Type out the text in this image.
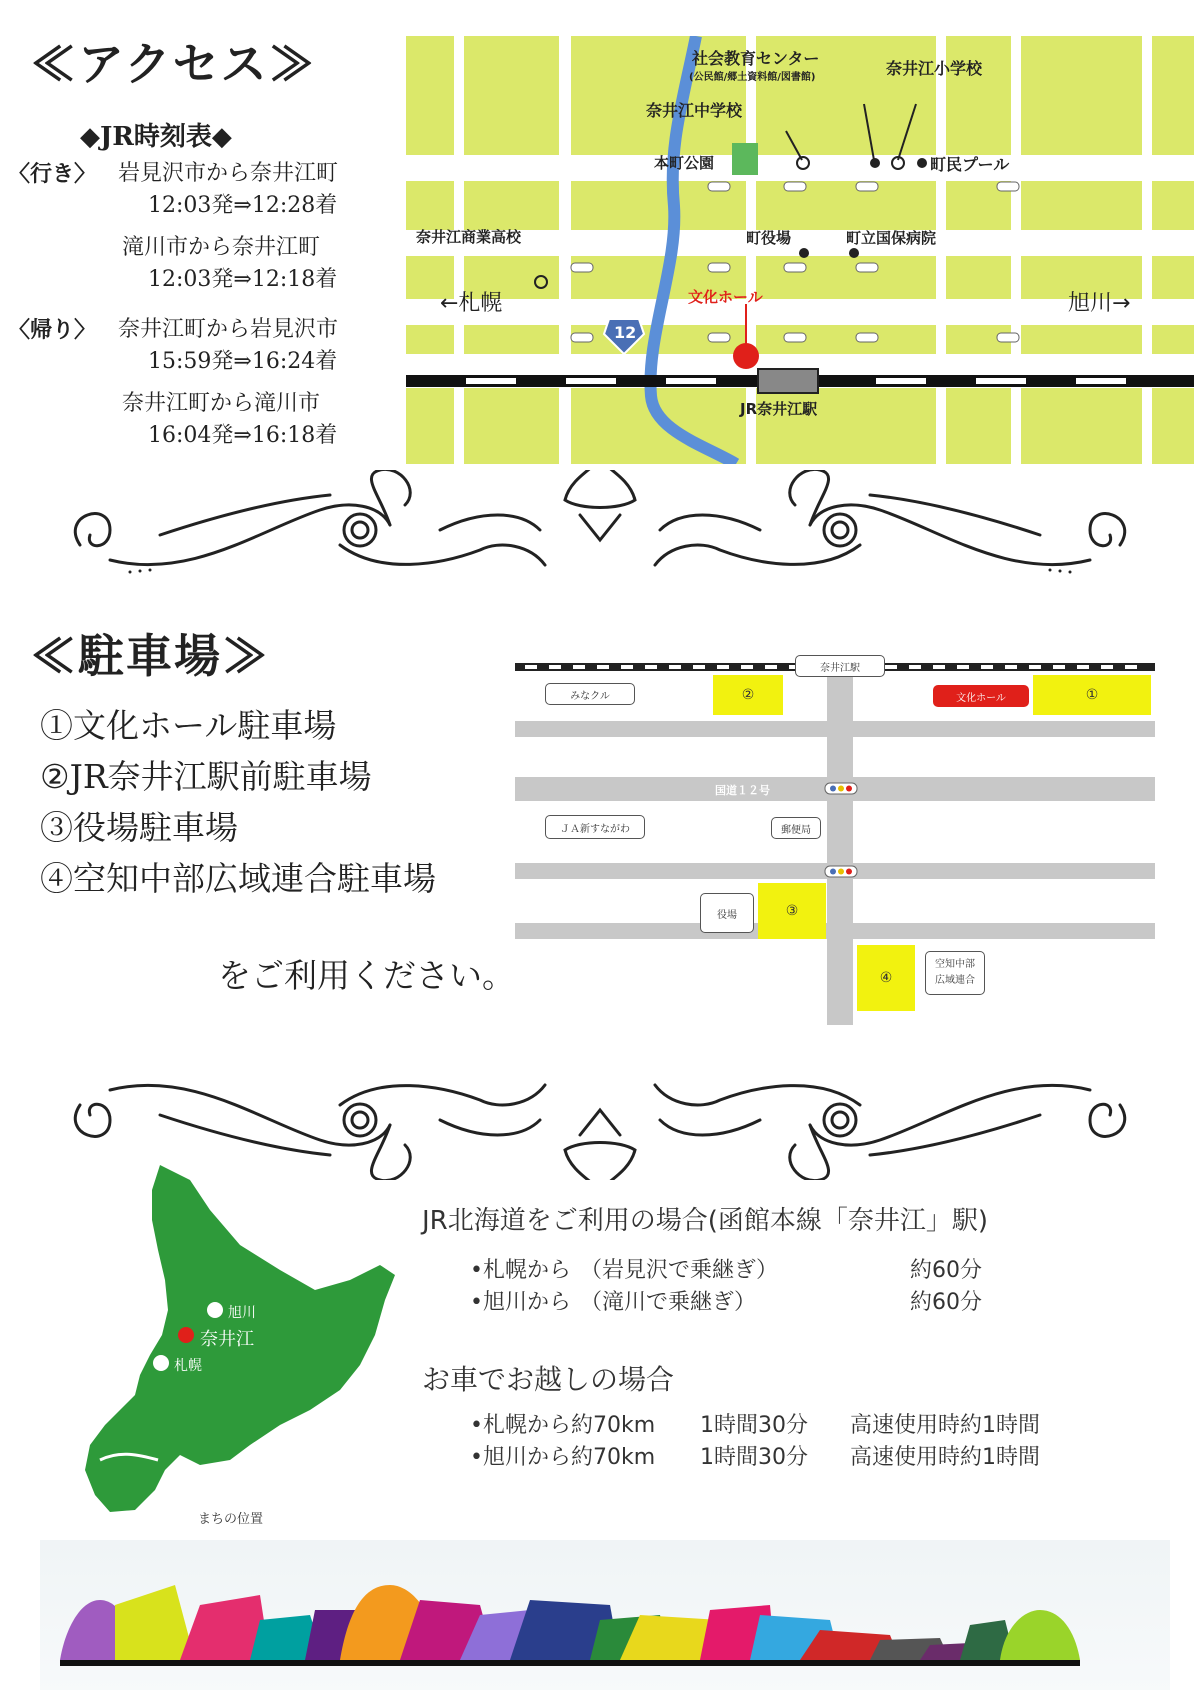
≪アクセス≫
◆JR時刻表◆
〈行き〉 岩見沢市から奈井江町
12:03発⇒12:28着
滝川市から奈井江町
12:03発⇒12:18着
〈帰り〉 奈井江町から岩見沢市
15:59発⇒16:24着
奈井江町から滝川市
16:04発⇒16:18着
社会教育センター
(公民館/郷土資料館/図書館)	奈井江小学校
奈井江中学校
本町公園	町民プール
奈井江商業高校	町役場	町立国保病院
文化ホール
←札幌	旭川→
12
JR奈井江駅
≪駐車場≫
①文化ホール駐車場
②JR奈井江駅前駐車場
③役場駐車場
④空知中部広域連合駐車場
をご利用ください。
奈井江駅
みなクル	②	文化ホール	①
国道１２号
ＪＡ新すながわ	郵便局
役場	③
④
空知中部
広域連合
旭川
奈井江
札幌
まちの位置
JR北海道をご利用の場合(函館本線「奈井江」駅)
•札幌から （岩見沢で乗継ぎ）	約60分
•旭川から （滝川で乗継ぎ）	約60分
お車でお越しの場合
•札幌から約70km	1時間30分	高速使用時約1時間
•旭川から約70km	1時間30分	高速使用時約1時間
